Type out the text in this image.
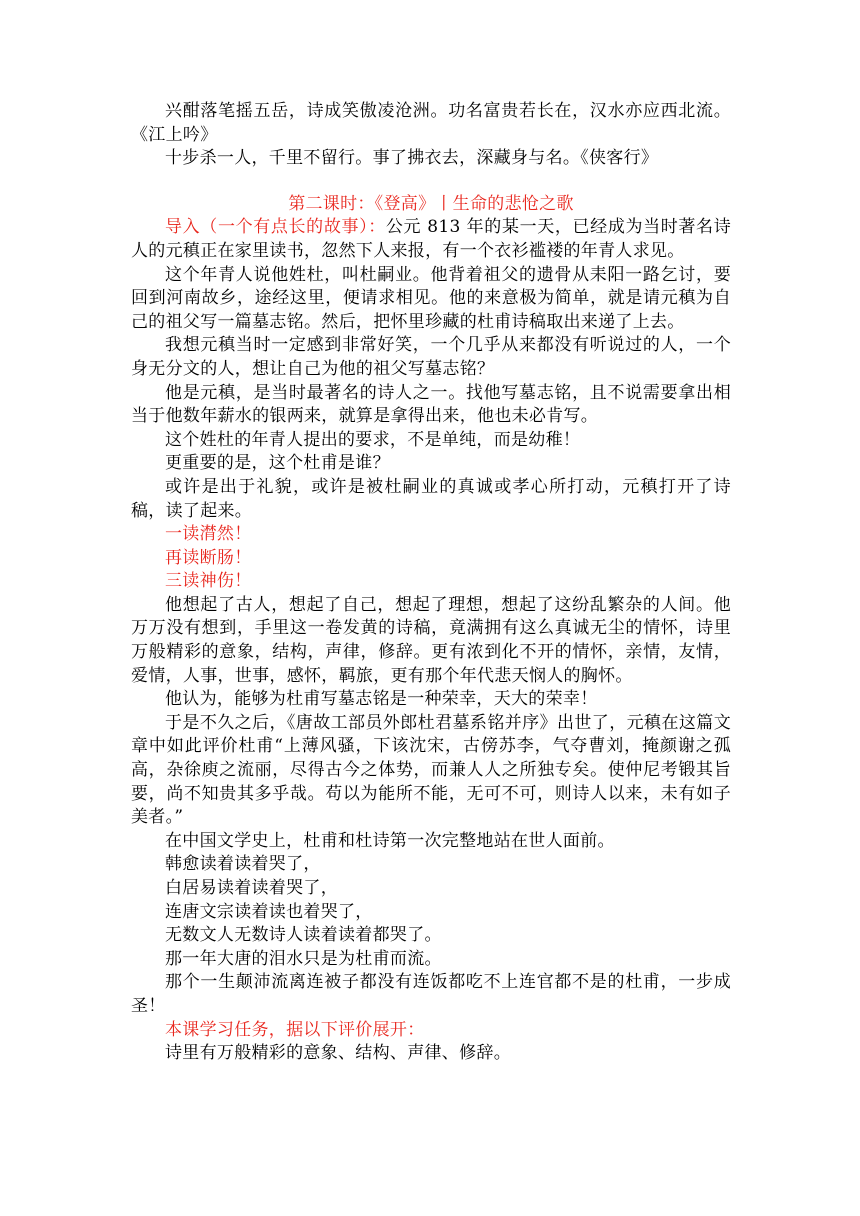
兴酣落笔摇五岳，诗成笑傲凌沧洲。功名富贵若长在，汉水亦应西北流。《江上吟》

十步杀一人，千里不留行。事了拂衣去，深藏身与名。《侠客行》

第二课时：《登高》丨生命的悲怆之歌

导入（一个有点长的故事）：公元 813 年的某一天，已经成为当时著名诗人的元稹正在家里读书，忽然下人来报，有一个衣衫褴褛的年青人求见。

这个年青人说他姓杜，叫杜嗣业。他背着祖父的遗骨从耒阳一路乞讨，要回到河南故乡，途经这里，便请求相见。他的来意极为简单，就是请元稹为自己的祖父写一篇墓志铭。然后，把怀里珍藏的杜甫诗稿取出来递了上去。

我想元稹当时一定感到非常好笑，一个几乎从来都没有听说过的人，一个身无分文的人，想让自己为他的祖父写墓志铭？

他是元稹，是当时最著名的诗人之一。找他写墓志铭，且不说需要拿出相当于他数年薪水的银两来，就算是拿得出来，他也未必肯写。

这个姓杜的年青人提出的要求，不是单纯，而是幼稚！

更重要的是，这个杜甫是谁？

或许是出于礼貌，或许是被杜嗣业的真诚或孝心所打动，元稹打开了诗稿，读了起来。

一读潸然！

再读断肠！

三读神伤！

他想起了古人，想起了自己，想起了理想，想起了这纷乱繁杂的人间。他万万没有想到，手里这一卷发黄的诗稿，竟满拥有这么真诚无尘的情怀，诗里万般精彩的意象，结构，声律，修辞。更有浓到化不开的情怀，亲情，友情，爱情，人事，世事，感怀，羁旅，更有那个年代悲天悯人的胸怀。

他认为，能够为杜甫写墓志铭是一种荣幸，天大的荣幸！

于是不久之后，《唐故工部员外郎杜君墓系铭并序》出世了，元稹在这篇文章中如此评价杜甫“上薄风骚，下该沈宋，古傍苏李，气夺曹刘，掩颜谢之孤高，杂徐庾之流丽，尽得古今之体势，而兼人人之所独专矣。使仲尼考锻其旨要，尚不知贵其多乎哉。苟以为能所不能，无可不可，则诗人以来，未有如子美者。”

在中国文学史上，杜甫和杜诗第一次完整地站在世人面前。

韩愈读着读着哭了，

白居易读着读着哭了，

连唐文宗读着读也着哭了，

无数文人无数诗人读着读着都哭了。

那一年大唐的泪水只是为杜甫而流。

那个一生颠沛流离连被子都没有连饭都吃不上连官都不是的杜甫，一步成圣！

本课学习任务，据以下评价展开：

诗里有万般精彩的意象、结构、声律、修辞。
